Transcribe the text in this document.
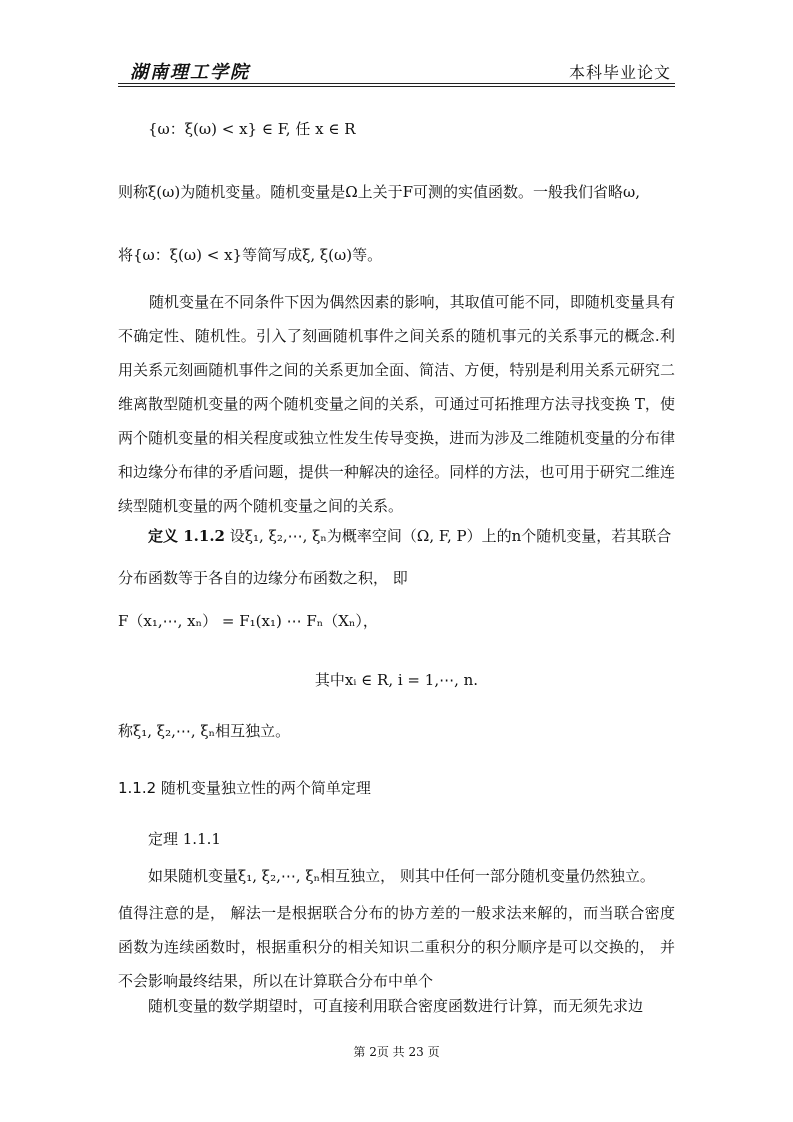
湖南理工学院	本科毕业论文
{ω：ξ(ω) < x} ∈ F, 任 x ∈ R
则称ξ(ω)为随机变量。随机变量是Ω上关于F可测的实值函数。一般我们省略ω,
将{ω：ξ(ω) < x}等简写成ξ, ξ(ω)等。
随机变量在不同条件下因为偶然因素的影响，其取值可能不同，即随机变量具有不确定性、随机性。引入了刻画随机事件之间关系的随机事元的关系事元的概念.利用关系元刻画随机事件之间的关系更加全面、简洁、方便，特别是利用关系元研究二维离散型随机变量的两个随机变量之间的关系，可通过可拓推理方法寻找变换 T，使两个随机变量的相关程度或独立性发生传导变换，进而为涉及二维随机变量的分布律和边缘分布律的矛盾问题，提供一种解决的途径。同样的方法，也可用于研究二维连续型随机变量的两个随机变量之间的关系。
定义 1.1.2 设ξ₁, ξ₂,⋯, ξₙ为概率空间（Ω, F, P）上的n个随机变量，若其联合
分布函数等于各自的边缘分布函数之积， 即
F（x₁,⋯, xₙ） = F₁(x₁) ⋯ Fₙ（Xₙ），
其中xᵢ ∈ R, i = 1,⋯, n.
称ξ₁, ξ₂,⋯, ξₙ相互独立。
1.1.2 随机变量独立性的两个简单定理
定理 1.1.1
如果随机变量ξ₁, ξ₂,⋯, ξₙ相互独立， 则其中任何一部分随机变量仍然独立。
值得注意的是， 解法一是根据联合分布的协方差的一般求法来解的，而当联合密度函数为连续函数时，根据重积分的相关知识二重积分的积分顺序是可以交换的， 并不会影响最终结果，所以在计算联合分布中单个
随机变量的数学期望时，可直接利用联合密度函数进行计算，而无须先求边
第 2页 共 23 页
